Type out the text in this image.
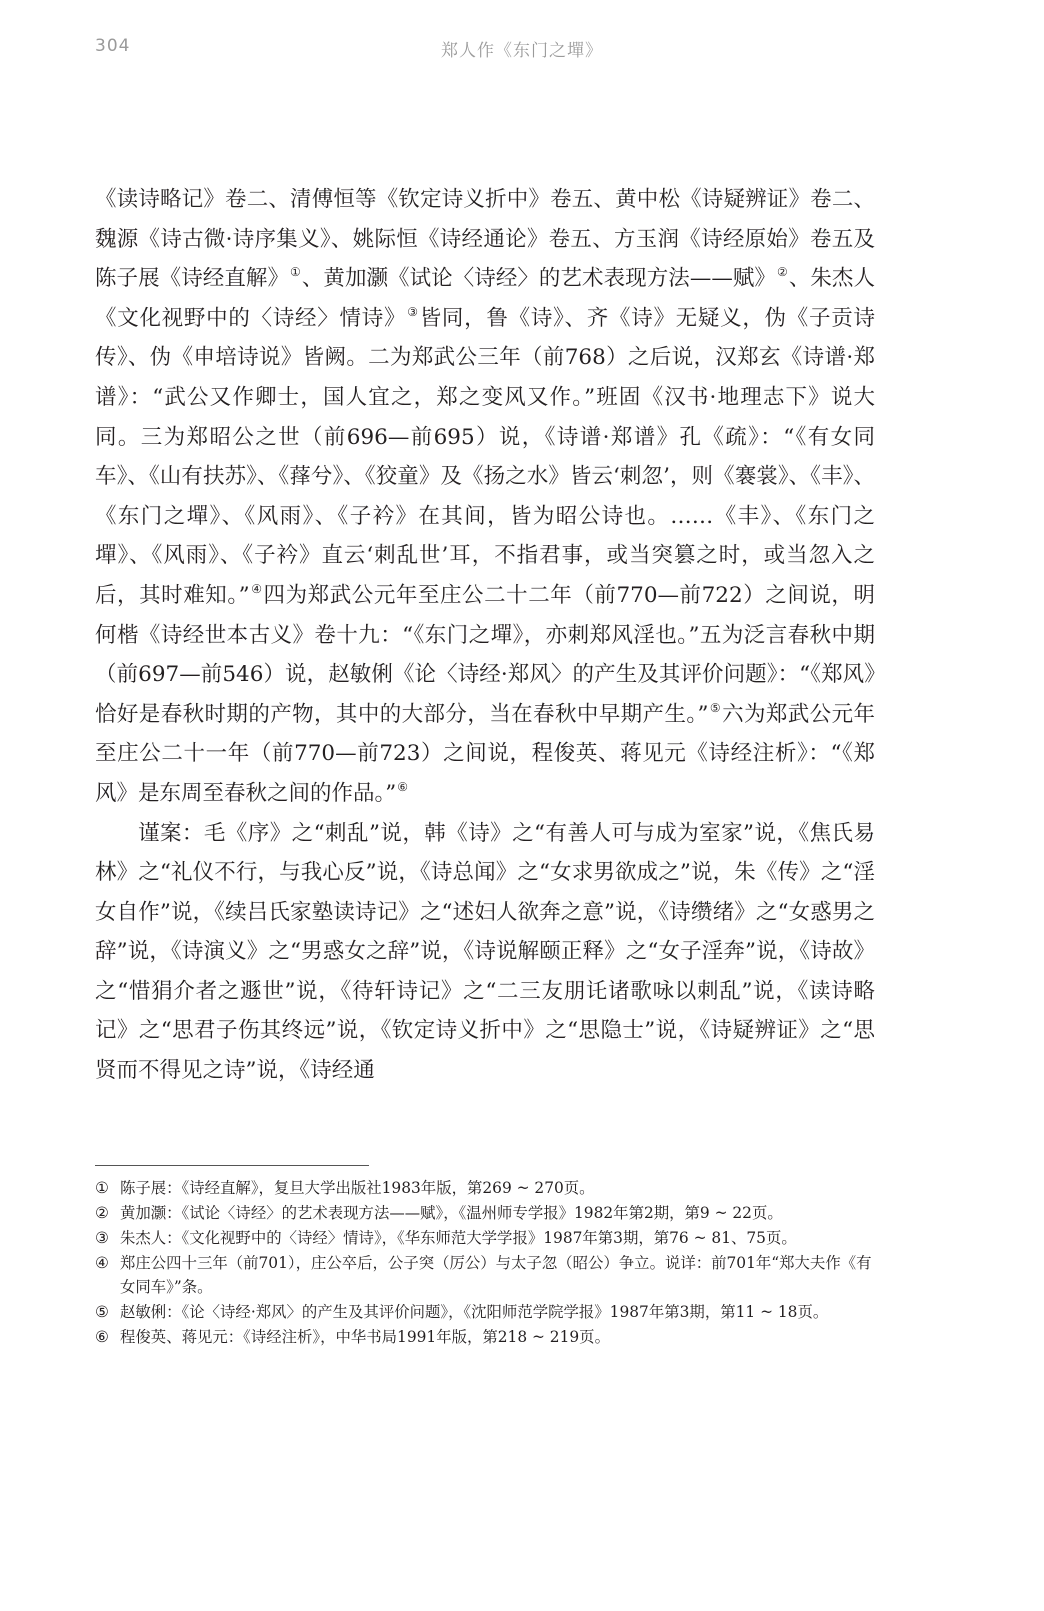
304	郑人作《东门之墠》

《读诗略记》卷二、清傅恒等《钦定诗义折中》卷五、黄中松《诗疑辨证》卷二、魏源《诗古微·诗序集义》、姚际恒《诗经通论》卷五、方玉润《诗经原始》卷五及陈子展《诗经直解》①、黄加灏《试论〈诗经〉的艺术表现方法——赋》②、朱杰人《文化视野中的〈诗经〉情诗》③皆同，鲁《诗》、齐《诗》无疑义，伪《子贡诗传》、伪《申培诗说》皆阙。二为郑武公三年（前768）之后说，汉郑玄《诗谱·郑谱》：“武公又作卿士，国人宜之，郑之变风又作。”班固《汉书·地理志下》说大同。三为郑昭公之世（前696—前695）说，《诗谱·郑谱》孔《疏》：“《有女同车》、《山有扶苏》、《萚兮》、《狡童》及《扬之水》皆云‘刺忽’，则《褰裳》、《丰》、《东门之墠》、《风雨》、《子衿》在其间，皆为昭公诗也。……《丰》、《东门之墠》、《风雨》、《子衿》直云‘刺乱世’耳，不指君事，或当突篡之时，或当忽入之后，其时难知。”④四为郑武公元年至庄公二十二年（前770—前722）之间说，明何楷《诗经世本古义》卷十九：“《东门之墠》，亦刺郑风淫也。”五为泛言春秋中期（前697—前546）说，赵敏俐《论〈诗经·郑风〉的产生及其评价问题》：“《郑风》恰好是春秋时期的产物，其中的大部分，当在春秋中早期产生。”⑤六为郑武公元年至庄公二十一年（前770—前723）之间说，程俊英、蒋见元《诗经注析》：“《郑风》是东周至春秋之间的作品。”⑥

谨案：毛《序》之“刺乱”说，韩《诗》之“有善人可与成为室家”说，《焦氏易林》之“礼仪不行，与我心反”说，《诗总闻》之“女求男欲成之”说，朱《传》之“淫女自作”说，《续吕氏家塾读诗记》之“述妇人欲奔之意”说，《诗缵绪》之“女惑男之辞”说，《诗演义》之“男惑女之辞”说，《诗说解颐正释》之“女子淫奔”说，《诗故》之“惜狷介者之遯世”说，《待轩诗记》之“二三友朋讬诸歌咏以刺乱”说，《读诗略记》之“思君子伤其终远”说，《钦定诗义折中》之“思隐士”说，《诗疑辨证》之“思贤而不得见之诗”说，《诗经通

① 陈子展：《诗经直解》，复旦大学出版社1983年版，第269 ~ 270页。
② 黄加灏：《试论〈诗经〉的艺术表现方法——赋》，《温州师专学报》1982年第2期，第9 ~ 22页。
③ 朱杰人：《文化视野中的〈诗经〉情诗》，《华东师范大学学报》1987年第3期，第76 ~ 81、75页。
④ 郑庄公四十三年（前701），庄公卒后，公子突（厉公）与太子忽（昭公）争立。说详：前701年“郑大夫作《有女同车》”条。
⑤ 赵敏俐：《论〈诗经·郑风〉的产生及其评价问题》，《沈阳师范学院学报》1987年第3期，第11 ~ 18页。
⑥ 程俊英、蒋见元：《诗经注析》，中华书局1991年版，第218 ~ 219页。
